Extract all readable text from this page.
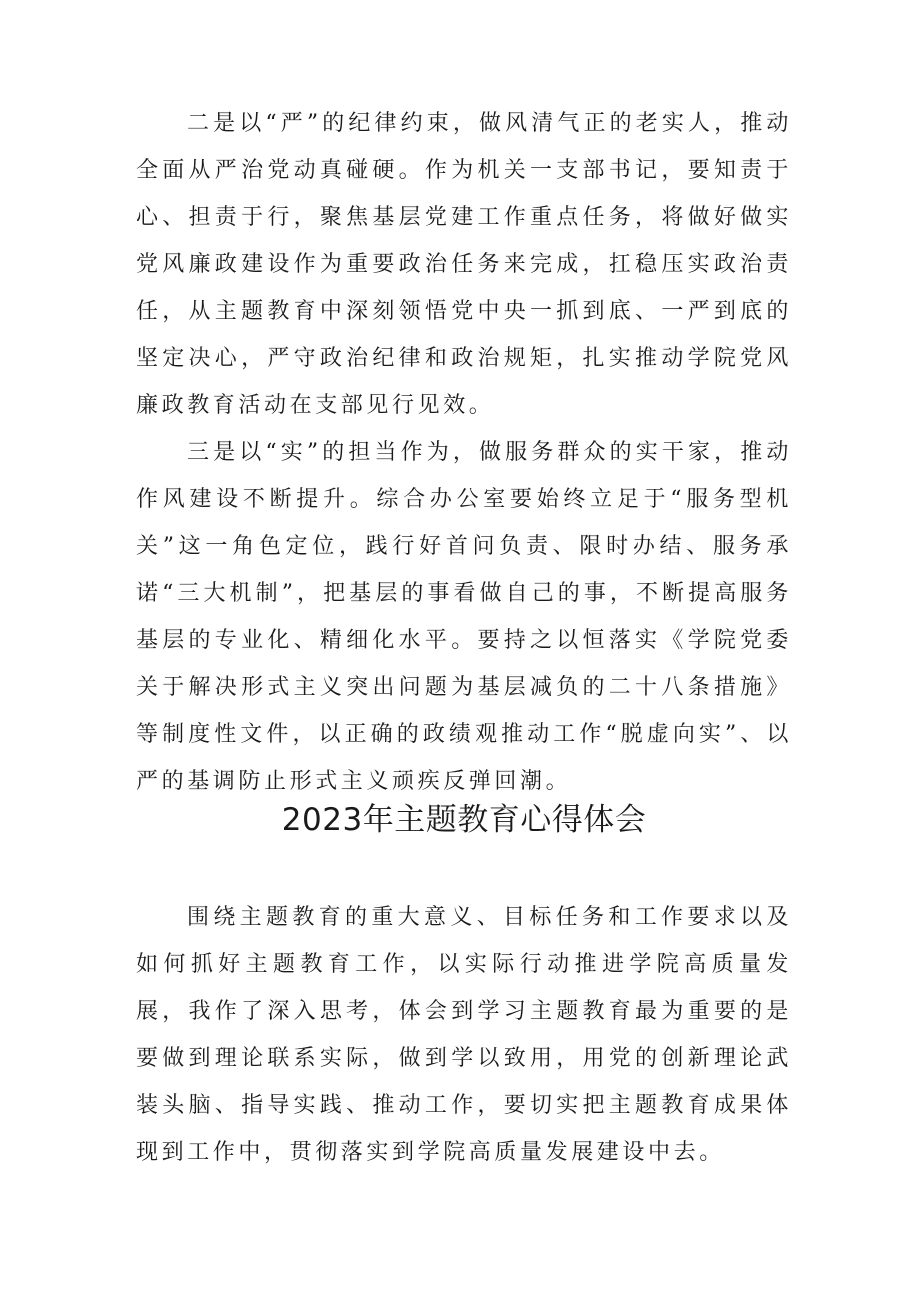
二是以“严”的纪律约束，做风清气正的老实人，推动全面从严治党动真碰硬。作为机关一支部书记，要知责于心、担责于行，聚焦基层党建工作重点任务，将做好做实党风廉政建设作为重要政治任务来完成，扛稳压实政治责任，从主题教育中深刻领悟党中央一抓到底、一严到底的坚定决心，严守政治纪律和政治规矩，扎实推动学院党风廉政教育活动在支部见行见效。

三是以“实”的担当作为，做服务群众的实干家，推动作风建设不断提升。综合办公室要始终立足于“服务型机关”这一角色定位，践行好首问负责、限时办结、服务承诺“三大机制”，把基层的事看做自己的事，不断提高服务基层的专业化、精细化水平。要持之以恒落实《学院党委关于解决形式主义突出问题为基层减负的二十八条措施》等制度性文件，以正确的政绩观推动工作“脱虚向实”、以严的基调防止形式主义顽疾反弹回潮。

2023年主题教育心得体会

围绕主题教育的重大意义、目标任务和工作要求以及如何抓好主题教育工作，以实际行动推进学院高质量发展，我作了深入思考，体会到学习主题教育最为重要的是要做到理论联系实际，做到学以致用，用党的创新理论武装头脑、指导实践、推动工作，要切实把主题教育成果体现到工作中，贯彻落实到学院高质量发展建设中去。
